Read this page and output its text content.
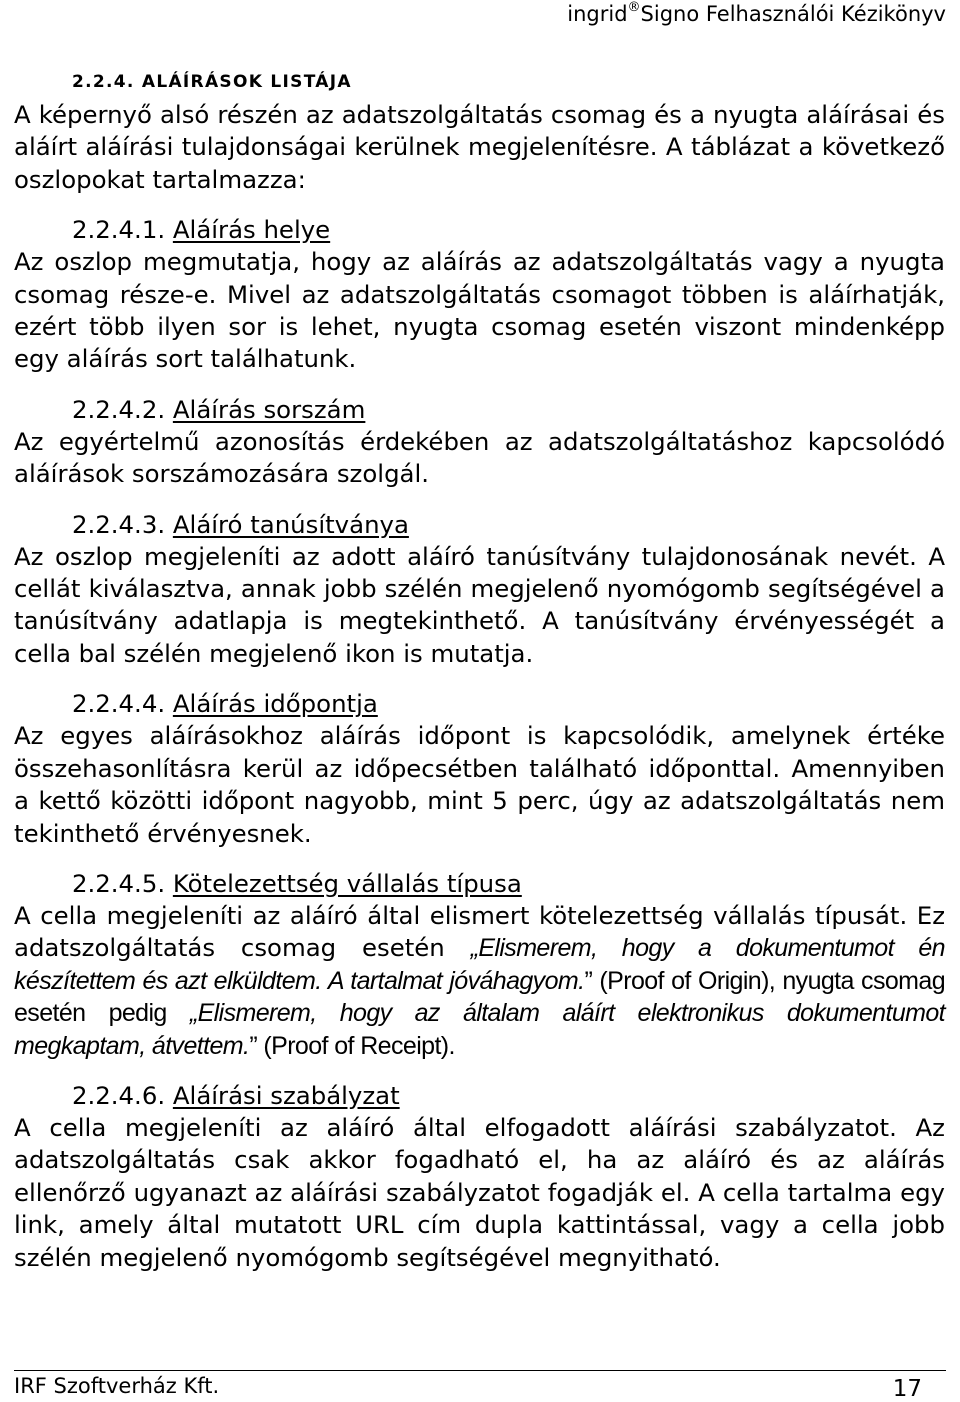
ingrid®Signo Felhasználói Kézikönyv
2.2.4. ALÁÍRÁSOK LISTÁJA

A képernyő alsó részén az adatszolgáltatás csomag és a nyugta aláírásai és aláírt aláírási tulajdonságai kerülnek megjelenítésre. A táblázat a következő oszlopokat tartalmazza:

2.2.4.1. Aláírás helye

Az oszlop megmutatja, hogy az aláírás az adatszolgáltatás vagy a nyugta csomag része-e. Mivel az adatszolgáltatás csomagot többen is aláírhatják, ezért több ilyen sor is lehet, nyugta csomag esetén viszont mindenképp egy aláírás sort találhatunk.

2.2.4.2. Aláírás sorszám

Az egyértelmű azonosítás érdekében az adatszolgáltatáshoz kapcsolódó aláírások sorszámozására szolgál.

2.2.4.3. Aláíró tanúsítványa

Az oszlop megjeleníti az adott aláíró tanúsítvány tulajdonosának nevét. A cellát kiválasztva, annak jobb szélén megjelenő nyomógomb segítségével a tanúsítvány adatlapja is megtekinthető. A tanúsítvány érvényességét a cella bal szélén megjelenő ikon is mutatja.

2.2.4.4. Aláírás időpontja

Az egyes aláírásokhoz aláírás időpont is kapcsolódik, amelynek értéke összehasonlításra kerül az időpecsétben található időponttal. Amennyiben a kettő közötti időpont nagyobb, mint 5 perc, úgy az adatszolgáltatás nem tekinthető érvényesnek.

2.2.4.5. Kötelezettség vállalás típusa

A cella megjeleníti az aláíró által elismert kötelezettség vállalás típusát. Ez adatszolgáltatás csomag esetén „Elismerem, hogy a dokumentumot én készítettem és azt elküldtem. A tartalmat jóváhagyom.” (Proof of Origin), nyugta csomag esetén pedig „Elismerem, hogy az általam aláírt elektronikus dokumentumot megkaptam, átvettem.” (Proof of Receipt).

2.2.4.6. Aláírási szabályzat

A cella megjeleníti az aláíró által elfogadott aláírási szabályzatot. Az adatszolgáltatás csak akkor fogadható el, ha az aláíró és az aláírás ellenőrző ugyanazt az aláírási szabályzatot fogadják el. A cella tartalma egy link, amely által mutatott URL cím dupla kattintással, vagy a cella jobb szélén megjelenő nyomógomb segítségével megnyitható.

IRF Szoftverház Kft.	17
